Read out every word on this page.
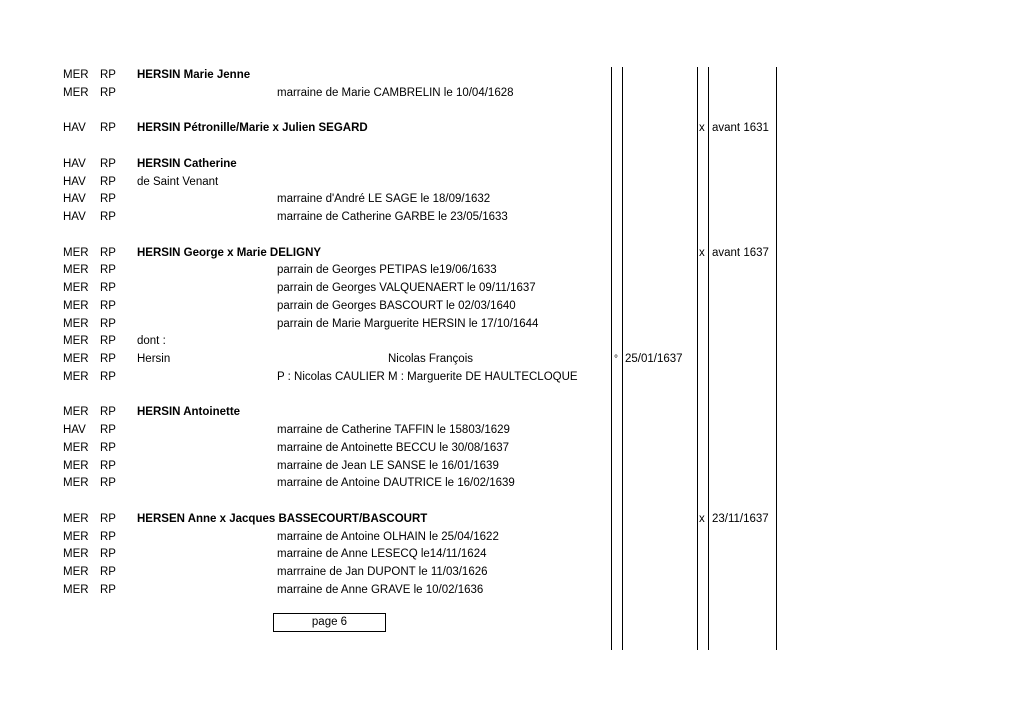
MER RP HERSIN Marie Jenne
MER RP	marraine de Marie CAMBRELIN le 10/04/1628
HAV RP HERSIN Pétronille/Marie x Julien SEGARD	x avant 1631
HAV RP HERSIN Catherine
HAV RP de Saint Venant
HAV RP	marraine d'André LE SAGE le 18/09/1632
HAV RP	marraine de Catherine GARBE le 23/05/1633
MER RP HERSIN George x Marie DELIGNY	x avant 1637
MER RP	parrain de Georges PETIPAS le19/06/1633
MER RP	parrain de Georges VALQUENAERT le 09/11/1637
MER RP	parrain de Georges BASCOURT le 02/03/1640
MER RP	parrain de Marie Marguerite HERSIN le 17/10/1644
MER RP dont :
MER RP Hersin	Nicolas François	° 25/01/1637
MER RP	P : Nicolas CAULIER M : Marguerite DE HAULTECLOQUE
MER RP HERSIN Antoinette
HAV RP	marraine de Catherine TAFFIN le 15803/1629
MER RP	marraine de Antoinette BECCU le 30/08/1637
MER RP	marraine de Jean LE SANSE le 16/01/1639
MER RP	marraine de Antoine DAUTRICE le 16/02/1639
MER RP HERSEN Anne x Jacques BASSECOURT/BASCOURT	x 23/11/1637
MER RP	marraine de Antoine OLHAIN le 25/04/1622
MER RP	marraine de Anne LESECQ le14/11/1624
MER RP	marrraine de Jan DUPONT le 11/03/1626
MER RP	marraine de Anne GRAVE le 10/02/1636
page 6
